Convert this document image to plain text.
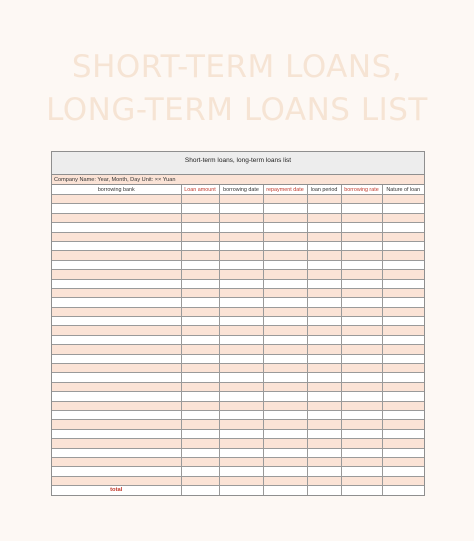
SHORT-TERM LOANS,
LONG-TERM LOANS LIST
Short-term loans, long-term loans list
Company Name: Year, Month, Day Unit: ×× Yuan
borrowing bank	Loan amount	borrowing date	repayment date	loan period	borrowing rate	Nature of loan

total						
